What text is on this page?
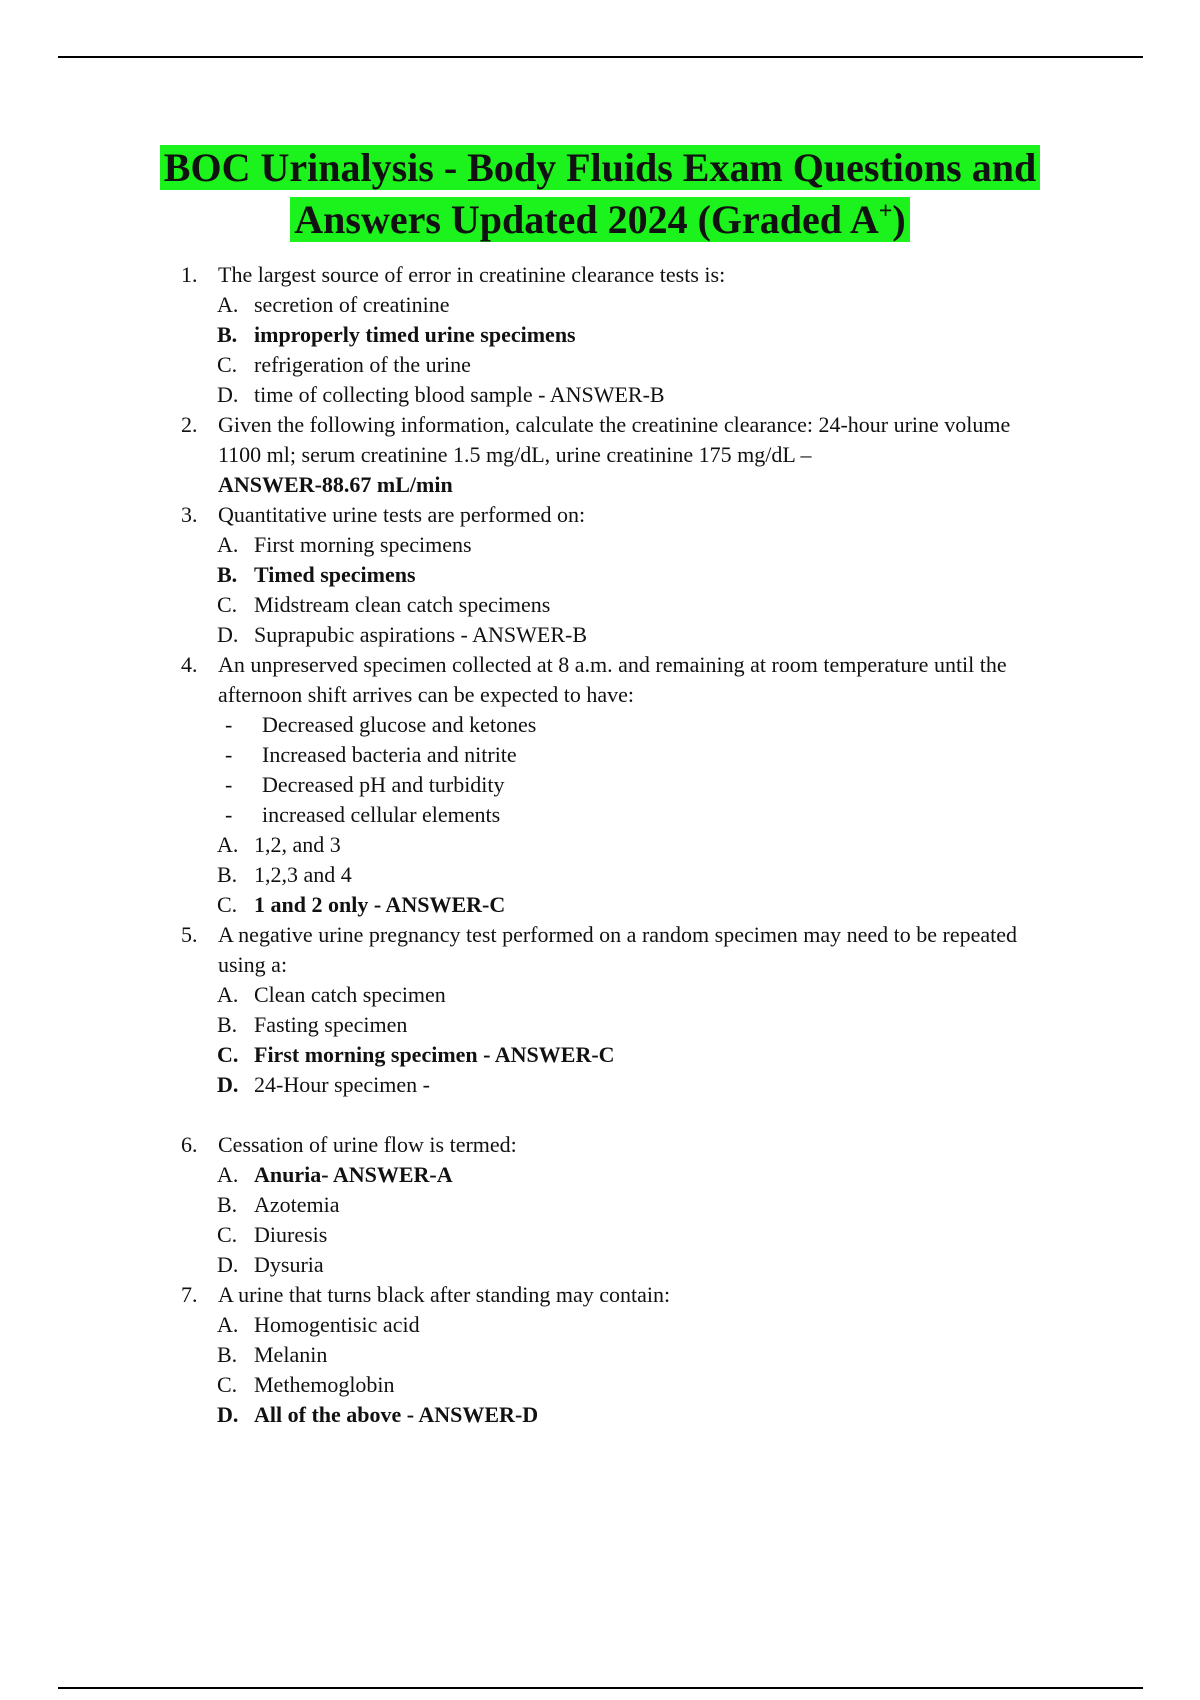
BOC Urinalysis - Body Fluids Exam Questions and
Answers Updated 2024 (Graded A+)
1. The largest source of error in creatinine clearance tests is:
A. secretion of creatinine
B. improperly timed urine specimens
C. refrigeration of the urine
D. time of collecting blood sample - ANSWER-B
2. Given the following information, calculate the creatinine clearance: 24-hour urine volume
1100 ml; serum creatinine 1.5 mg/dL, urine creatinine 175 mg/dL –
ANSWER-88.67 mL/min
3. Quantitative urine tests are performed on:
A. First morning specimens
B. Timed specimens
C. Midstream clean catch specimens
D. Suprapubic aspirations - ANSWER-B
4. An unpreserved specimen collected at 8 a.m. and remaining at room temperature until the
afternoon shift arrives can be expected to have:
- Decreased glucose and ketones
- Increased bacteria and nitrite
- Decreased pH and turbidity
- increased cellular elements
A. 1,2, and 3
B. 1,2,3 and 4
C. 1 and 2 only - ANSWER-C
5. A negative urine pregnancy test performed on a random specimen may need to be repeated
using a:
A. Clean catch specimen
B. Fasting specimen
C. First morning specimen - ANSWER-C
D. 24-Hour specimen -
6. Cessation of urine flow is termed:
A. Anuria- ANSWER-A
B. Azotemia
C. Diuresis
D. Dysuria
7. A urine that turns black after standing may contain:
A. Homogentisic acid
B. Melanin
C. Methemoglobin
D. All of the above - ANSWER-D
